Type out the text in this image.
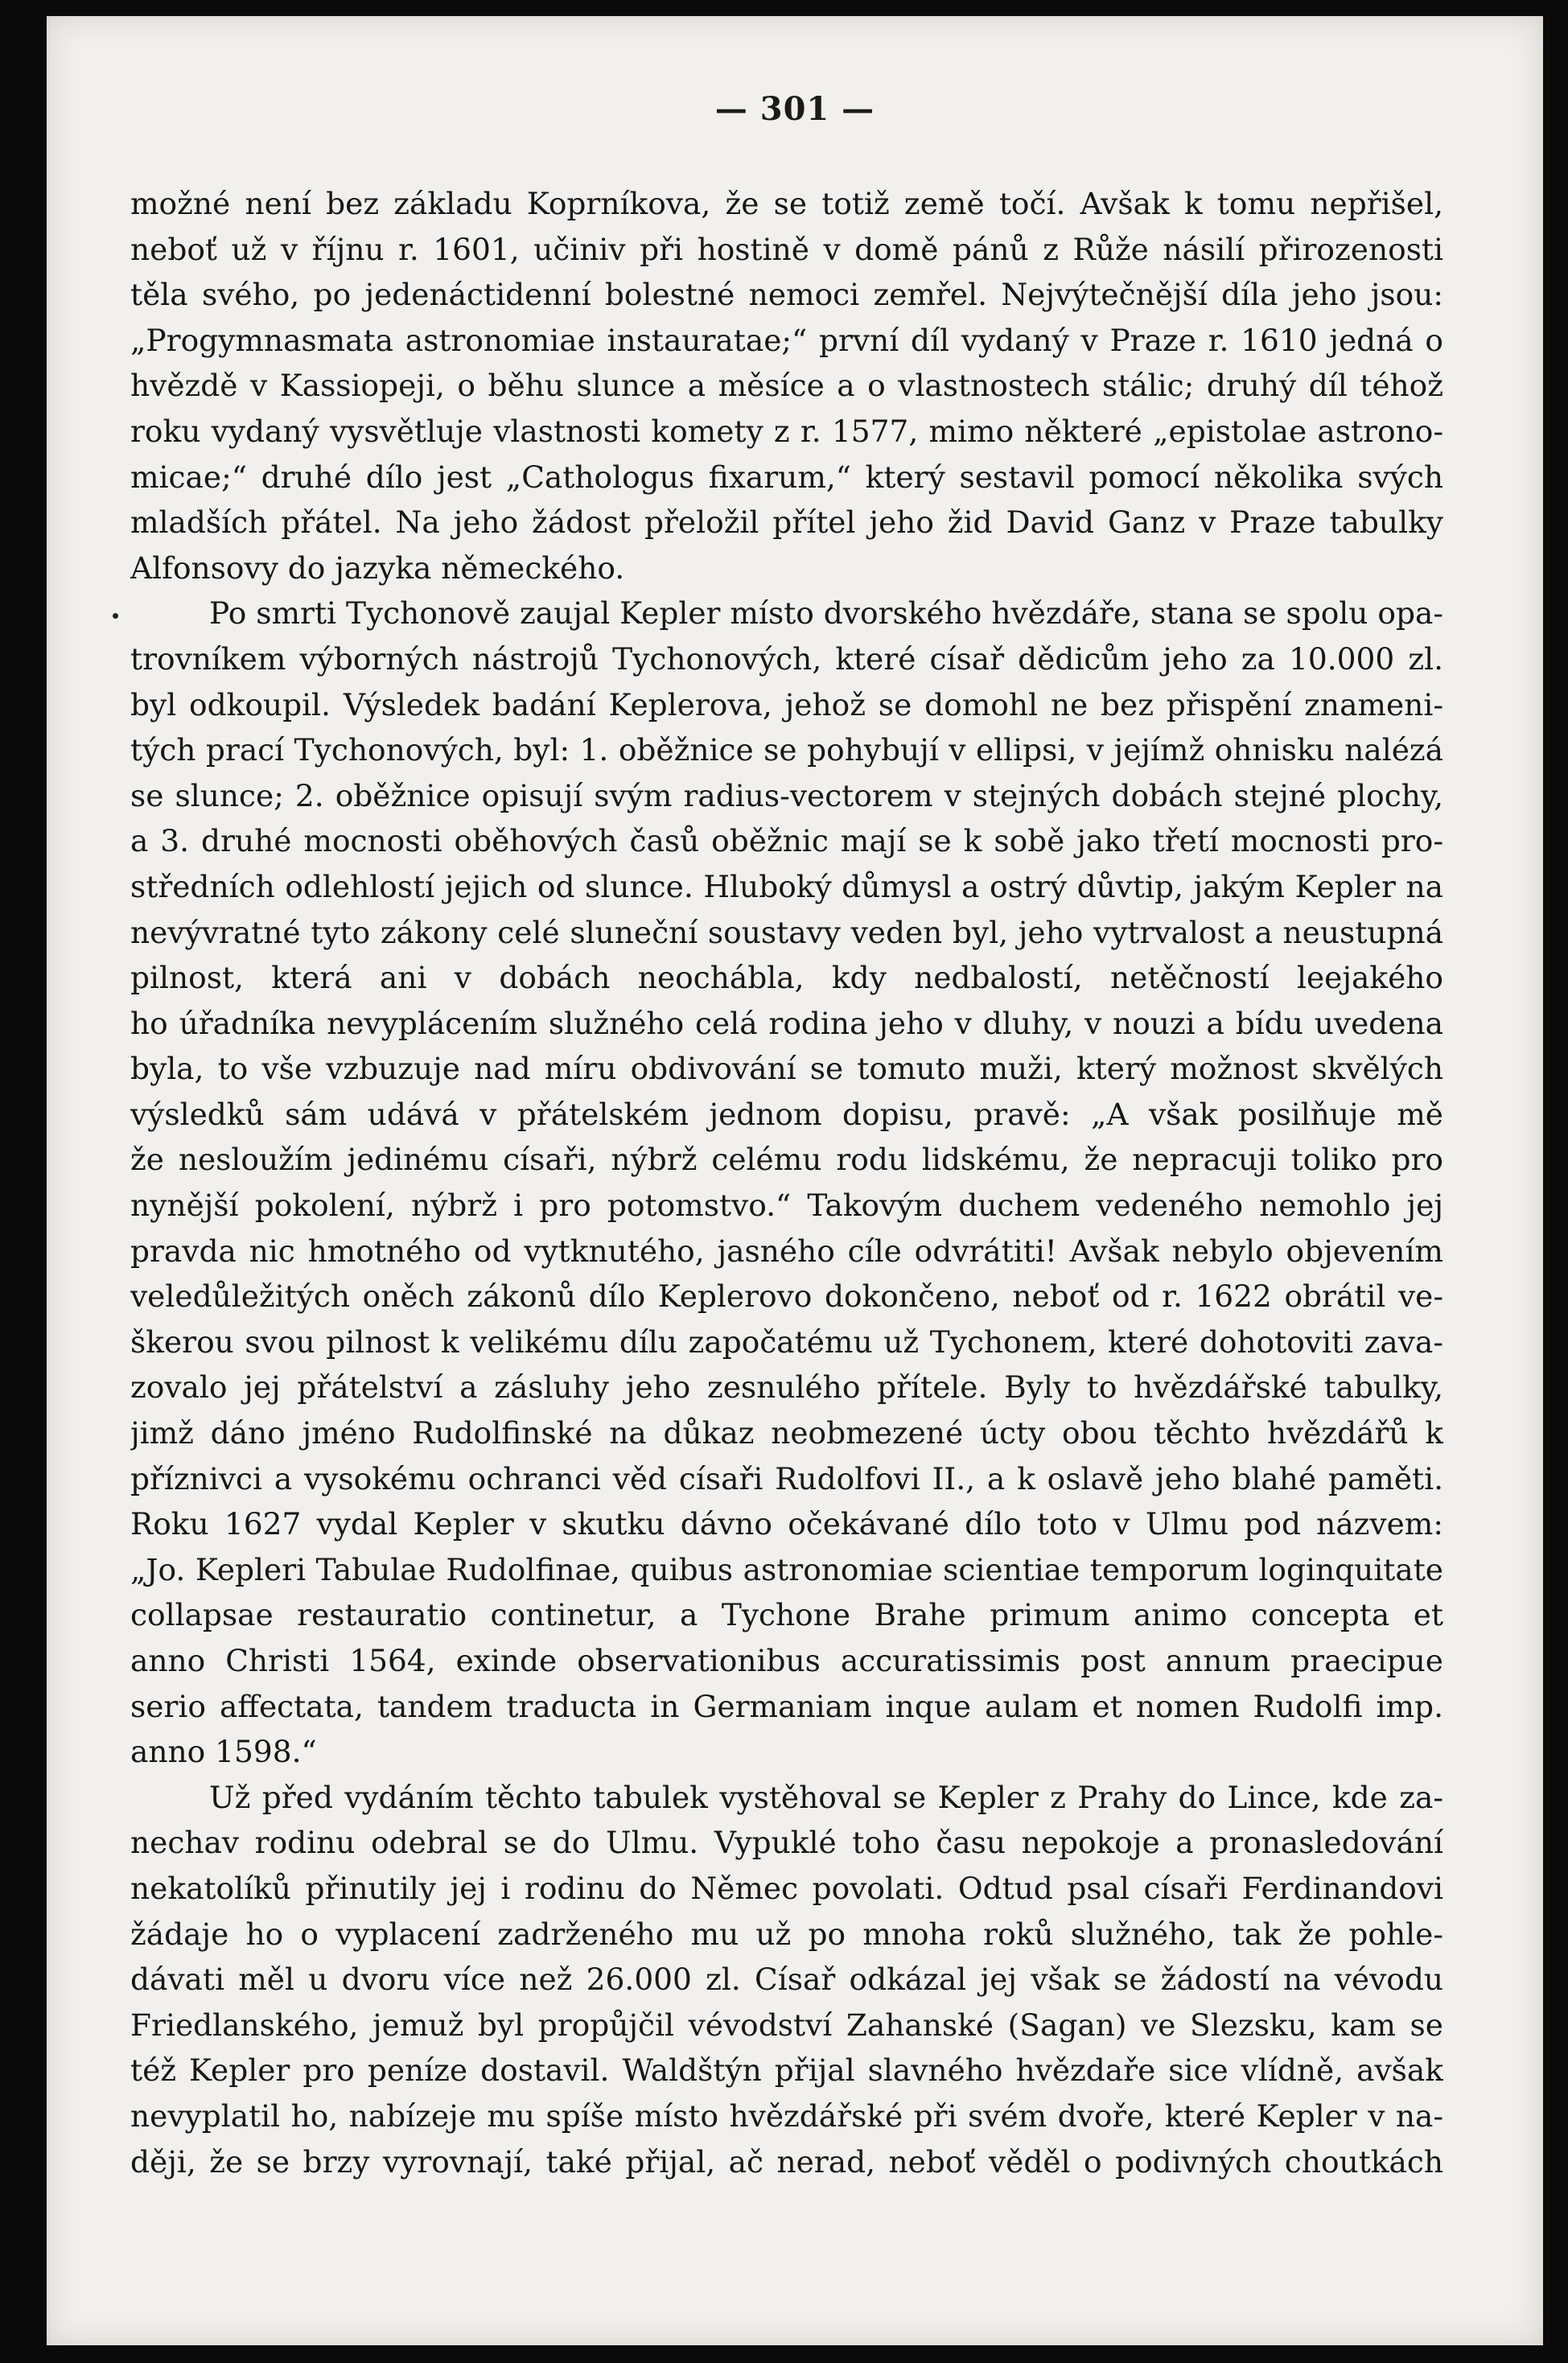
— 301 —
možné není bez základu Koprníkova, že se totiž země točí. Avšak k tomu nepřišel,
neboť už v říjnu r. 1601, učiniv při hostině v domě pánů z Růže násilí přirozenosti
těla svého, po jedenáctidenní bolestné nemoci zemřel. Nejvýtečnější díla jeho jsou:
„Progymnasmata astronomiae instauratae;“ první díl vydaný v Praze r. 1610 jedná o
hvězdě v Kassiopeji, o běhu slunce a měsíce a o vlastnostech stálic; druhý díl téhož
roku vydaný vysvětluje vlastnosti komety z r. 1577, mimo některé „epistolae astrono-
micae;“ druhé dílo jest „Cathologus fixarum,“ který sestavil pomocí několika svých
mladších přátel. Na jeho žádost přeložil přítel jeho žid David Ganz v Praze tabulky
Alfonsovy do jazyka německého.
Po smrti Tychonově zaujal Kepler místo dvorského hvězdáře, stana se spolu opa-
trovníkem výborných nástrojů Tychonových, které císař dědicům jeho za 10.000 zl.
byl odkoupil. Výsledek badání Keplerova, jehož se domohl ne bez přispění znameni-
tých prací Tychonových, byl: 1. oběžnice se pohybují v ellipsi, v jejímž ohnisku nalézá
se slunce; 2. oběžnice opisují svým radius-vectorem v stejných dobách stejné plochy,
a 3. druhé mocnosti oběhových časů oběžnic mají se k sobě jako třetí mocnosti pro-
středních odlehlostí jejich od slunce. Hluboký důmysl a ostrý důvtip, jakým Kepler na
nevývratné tyto zákony celé sluneční soustavy veden byl, jeho vytrvalost a neustupná
pilnost, která ani v dobách neochábla, kdy nedbalostí, netěčností leejakého
ho úřadníka nevyplácením služného celá rodina jeho v dluhy, v nouzi a bídu uvedena
byla, to vše vzbuzuje nad míru obdivování se tomuto muži, který možnost skvělých
výsledků sám udává v přátelském jednom dopisu, pravě: „A však posilňuje mě
že nesloužím jedinému císaři, nýbrž celému rodu lidskému, že nepracuji toliko pro
nynější pokolení, nýbrž i pro potomstvo.“ Takovým duchem vedeného nemohlo jej
pravda nic hmotného od vytknutého, jasného cíle odvrátiti! Avšak nebylo objevením
veledůležitých oněch zákonů dílo Keplerovo dokončeno, neboť od r. 1622 obrátil ve-
škerou svou pilnost k velikému dílu započatému už Tychonem, které dohotoviti zava-
zovalo jej přátelství a zásluhy jeho zesnulého přítele. Byly to hvězdářské tabulky,
jimž dáno jméno Rudolfinské na důkaz neobmezené úcty obou těchto hvězdářů k
příznivci a vysokému ochranci věd císaři Rudolfovi II., a k oslavě jeho blahé paměti.
Roku 1627 vydal Kepler v skutku dávno očekávané dílo toto v Ulmu pod názvem:
„Jo. Kepleri Tabulae Rudolfinae, quibus astronomiae scientiae temporum loginquitate
collapsae restauratio continetur, a Tychone Brahe primum animo concepta et
anno Christi 1564, exinde observationibus accuratissimis post annum praecipue
serio affectata, tandem traducta in Germaniam inque aulam et nomen Rudolfi imp.
anno 1598.“
Už před vydáním těchto tabulek vystěhoval se Kepler z Prahy do Lince, kde za-
nechav rodinu odebral se do Ulmu. Vypuklé toho času nepokoje a pronasledování
nekatolíků přinutily jej i rodinu do Němec povolati. Odtud psal císaři Ferdinandovi
žádaje ho o vyplacení zadrženého mu už po mnoha roků služného, tak že pohle-
dávati měl u dvoru více než 26.000 zl. Císař odkázal jej však se žádostí na vévodu
Friedlanského, jemuž byl propůjčil vévodství Zahanské (Sagan) ve Slezsku, kam se
též Kepler pro peníze dostavil. Waldštýn přijal slavného hvězdaře sice vlídně, avšak
nevyplatil ho, nabízeje mu spíše místo hvězdářské při svém dvoře, které Kepler v na-
ději, že se brzy vyrovnají, také přijal, ač nerad, neboť věděl o podivných choutkách
